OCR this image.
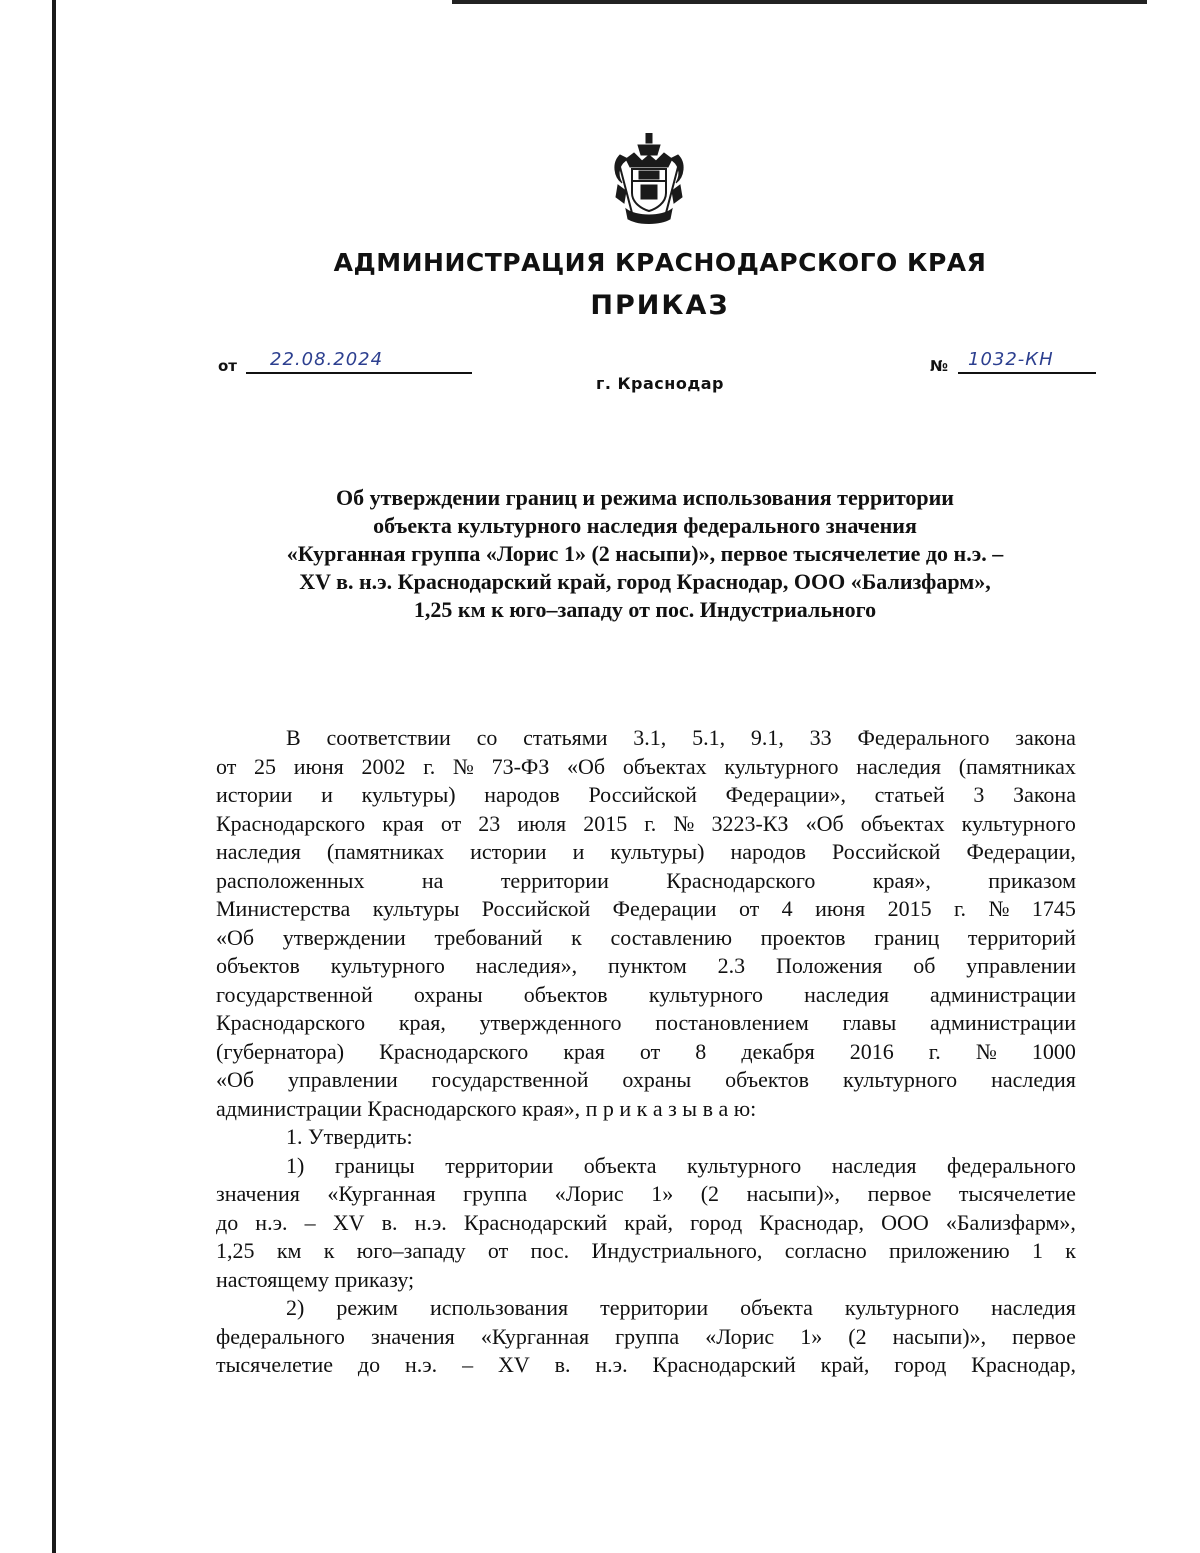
АДМИНИСТРАЦИЯ КРАСНОДАРСКОГО КРАЯ
ПРИКАЗ
от 22.08.2024
г. Краснодар
№ 1032-КН
Об утверждении границ и режима использования территории
объекта культурного наследия федерального значения
«Курганная группа «Лорис 1» (2 насыпи)», первое тысячелетие до н.э. –
XV в. н.э. Краснодарский край, город Краснодар, ООО «Бализфарм»,
1,25 км к юго–западу от пос. Индустриального
В соответствии со статьями 3.1, 5.1, 9.1, 33 Федерального закона
от 25 июня 2002 г. № 73-ФЗ «Об объектах культурного наследия (памятниках
истории и культуры) народов Российской Федерации», статьей 3 Закона
Краснодарского края от 23 июля 2015 г. № 3223-КЗ «Об объектах культурного
наследия (памятниках истории и культуры) народов Российской Федерации,
расположенных	на	территории	Краснодарского	края»,	приказом
Министерства культуры Российской Федерации от 4 июня 2015 г. № 1745
«Об утверждении требований к составлению проектов границ территорий
объектов культурного наследия», пунктом 2.3 Положения об управлении
государственной охраны объектов культурного наследия администрации
Краснодарского края, утвержденного постановлением главы администрации
(губернатора) Краснодарского края от 8 декабря 2016 г. № 1000
«Об управлении государственной охраны объектов культурного наследия
администрации Краснодарского края», п р и к а з ы в а ю:
1. Утвердить:
1) границы территории объекта культурного наследия федерального
значения «Курганная группа «Лорис 1» (2 насыпи)», первое тысячелетие
до н.э. – XV в. н.э. Краснодарский край, город Краснодар, ООО «Бализфарм»,
1,25 км к юго–западу от пос. Индустриального, согласно приложению 1 к
настоящему приказу;
2) режим использования территории объекта культурного наследия
федерального значения «Курганная группа «Лорис 1» (2 насыпи)», первое
тысячелетие до н.э. – XV в. н.э. Краснодарский край, город Краснодар,
